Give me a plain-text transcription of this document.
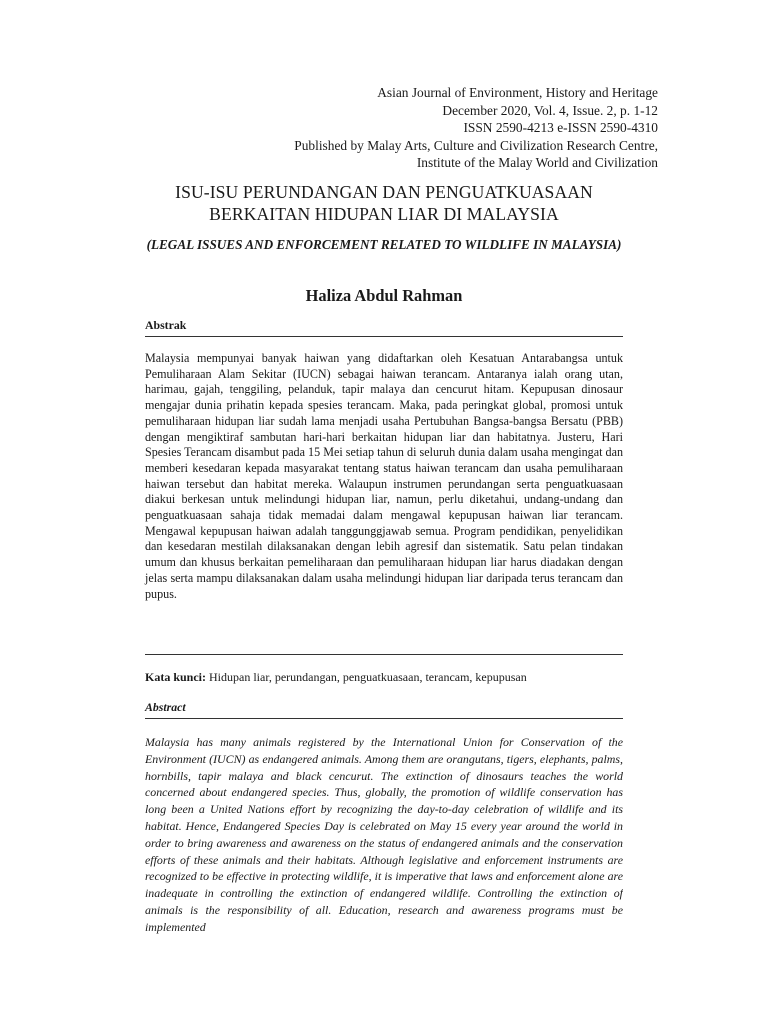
Asian Journal of Environment, History and Heritage
December 2020, Vol. 4, Issue. 2, p. 1-12
ISSN 2590-4213 e-ISSN 2590-4310
Published by Malay Arts, Culture and Civilization Research Centre,
Institute of the Malay World and Civilization
ISU-ISU PERUNDANGAN DAN PENGUATKUASAAN
BERKAITAN HIDUPAN LIAR DI MALAYSIA
(LEGAL ISSUES AND ENFORCEMENT RELATED TO WILDLIFE IN MALAYSIA)
Haliza Abdul Rahman
Abstrak

Malaysia mempunyai banyak haiwan yang didaftarkan oleh Kesatuan Antarabangsa untuk Pemuliharaan Alam Sekitar (IUCN) sebagai haiwan terancam. Antaranya ialah orang utan, harimau, gajah, tenggiling, pelanduk, tapir malaya dan cencurut hitam. Kepupusan dinosaur mengajar dunia prihatin kepada spesies terancam. Maka, pada peringkat global, promosi untuk pemuliharaan hidupan liar sudah lama menjadi usaha Pertubuhan Bangsa-bangsa Bersatu (PBB) dengan mengiktiraf sambutan hari-hari berkaitan hidupan liar dan habitatnya. Justeru, Hari Spesies Terancam disambut pada 15 Mei setiap tahun di seluruh dunia dalam usaha mengingat dan memberi kesedaran kepada masyarakat tentang status haiwan terancam dan usaha pemuliharaan haiwan tersebut dan habitat mereka. Walaupun instrumen perundangan serta penguatkuasaan diakui berkesan untuk melindungi hidupan liar, namun, perlu diketahui, undang-undang dan penguatkuasaan sahaja tidak memadai dalam mengawal kepupusan haiwan liar terancam. Mengawal kepupusan haiwan adalah tanggunggjawab semua. Program pendidikan, penyelidikan dan kesedaran mestilah dilaksanakan dengan lebih agresif dan sistematik. Satu pelan tindakan umum dan khusus berkaitan pemeliharaan dan pemuliharaan hidupan liar harus diadakan dengan jelas serta mampu dilaksanakan dalam usaha melindungi hidupan liar daripada terus terancam dan pupus.

Kata kunci: Hidupan liar, perundangan, penguatkuasaan, terancam, kepupusan
Abstract

Malaysia has many animals registered by the International Union for Conservation of the Environment (IUCN) as endangered animals. Among them are orangutans, tigers, elephants, palms, hornbills, tapir malaya and black cencurut. The extinction of dinosaurs teaches the world concerned about endangered species. Thus, globally, the promotion of wildlife conservation has long been a United Nations effort by recognizing the day-to-day celebration of wildlife and its habitat. Hence, Endangered Species Day is celebrated on May 15 every year around the world in order to bring awareness and awareness on the status of endangered animals and the conservation efforts of these animals and their habitats. Although legislative and enforcement instruments are recognized to be effective in protecting wildlife, it is imperative that laws and enforcement alone are inadequate in controlling the extinction of endangered wildlife. Controlling the extinction of animals is the responsibility of all. Education, research and awareness programs must be implemented
